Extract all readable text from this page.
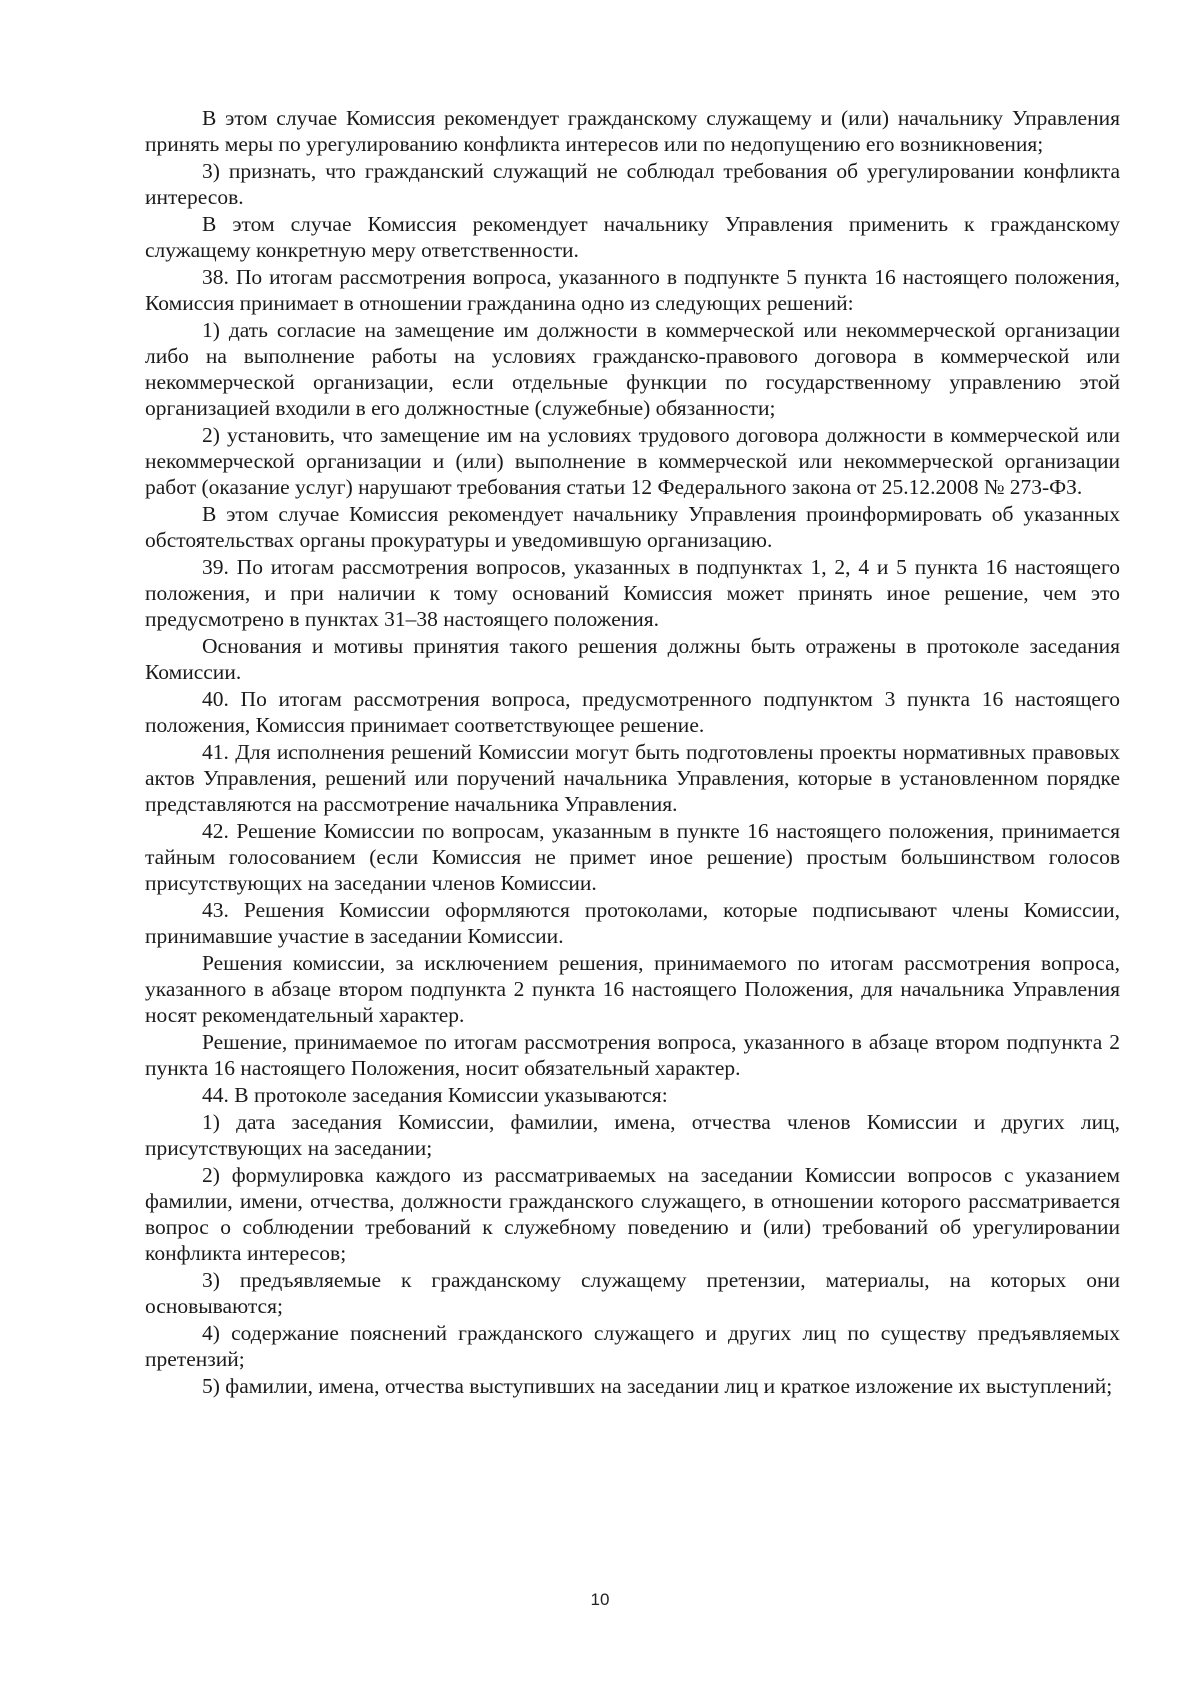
В этом случае Комиссия рекомендует гражданскому служащему и (или) начальнику Управления принять меры по урегулированию конфликта интересов или по недопущению его возникновения;

3) признать, что гражданский служащий не соблюдал требования об урегулировании конфликта интересов.

В этом случае Комиссия рекомендует начальнику Управления применить к гражданскому служащему конкретную меру ответственности.

38. По итогам рассмотрения вопроса, указанного в подпункте 5 пункта 16 настоящего положения, Комиссия принимает в отношении гражданина одно из следующих решений:

1) дать согласие на замещение им должности в коммерческой или некоммерческой организации либо на выполнение работы на условиях гражданско-правового договора в коммерческой или некоммерческой организации, если отдельные функции по государственному управлению этой организацией входили в его должностные (служебные) обязанности;

2) установить, что замещение им на условиях трудового договора должности в коммерческой или некоммерческой организации и (или) выполнение в коммерческой или некоммерческой организации работ (оказание услуг) нарушают требования статьи 12 Федерального закона от 25.12.2008 № 273-ФЗ.

В этом случае Комиссия рекомендует начальнику Управления проинформировать об указанных обстоятельствах органы прокуратуры и уведомившую организацию.

39. По итогам рассмотрения вопросов, указанных в подпунктах 1, 2, 4 и 5 пункта 16 настоящего положения, и при наличии к тому оснований Комиссия может принять иное решение, чем это предусмотрено в пунктах 31–38 настоящего положения.

Основания и мотивы принятия такого решения должны быть отражены в протоколе заседания Комиссии.

40. По итогам рассмотрения вопроса, предусмотренного подпунктом 3 пункта 16 настоящего положения, Комиссия принимает соответствующее решение.

41. Для исполнения решений Комиссии могут быть подготовлены проекты нормативных правовых актов Управления, решений или поручений начальника Управления, которые в установленном порядке представляются на рассмотрение начальника Управления.

42. Решение Комиссии по вопросам, указанным в пункте 16 настоящего положения, принимается тайным голосованием (если Комиссия не примет иное решение) простым большинством голосов присутствующих на заседании членов Комиссии.

43. Решения Комиссии оформляются протоколами, которые подписывают члены Комиссии, принимавшие участие в заседании Комиссии.

Решения комиссии, за исключением решения, принимаемого по итогам рассмотрения вопроса, указанного в абзаце втором подпункта 2 пункта 16 настоящего Положения, для начальника Управления носят рекомендательный характер.

Решение, принимаемое по итогам рассмотрения вопроса, указанного в абзаце втором подпункта 2 пункта 16 настоящего Положения, носит обязательный характер.

44. В протоколе заседания Комиссии указываются:

1) дата заседания Комиссии, фамилии, имена, отчества членов Комиссии и других лиц, присутствующих на заседании;

2) формулировка каждого из рассматриваемых на заседании Комиссии вопросов с указанием фамилии, имени, отчества, должности гражданского служащего, в отношении которого рассматривается вопрос о соблюдении требований к служебному поведению и (или) требований об урегулировании конфликта интересов;

3) предъявляемые к гражданскому служащему претензии, материалы, на которых они основываются;

4) содержание пояснений гражданского служащего и других лиц по существу предъявляемых претензий;

5) фамилии, имена, отчества выступивших на заседании лиц и краткое изложение их выступлений;

10
